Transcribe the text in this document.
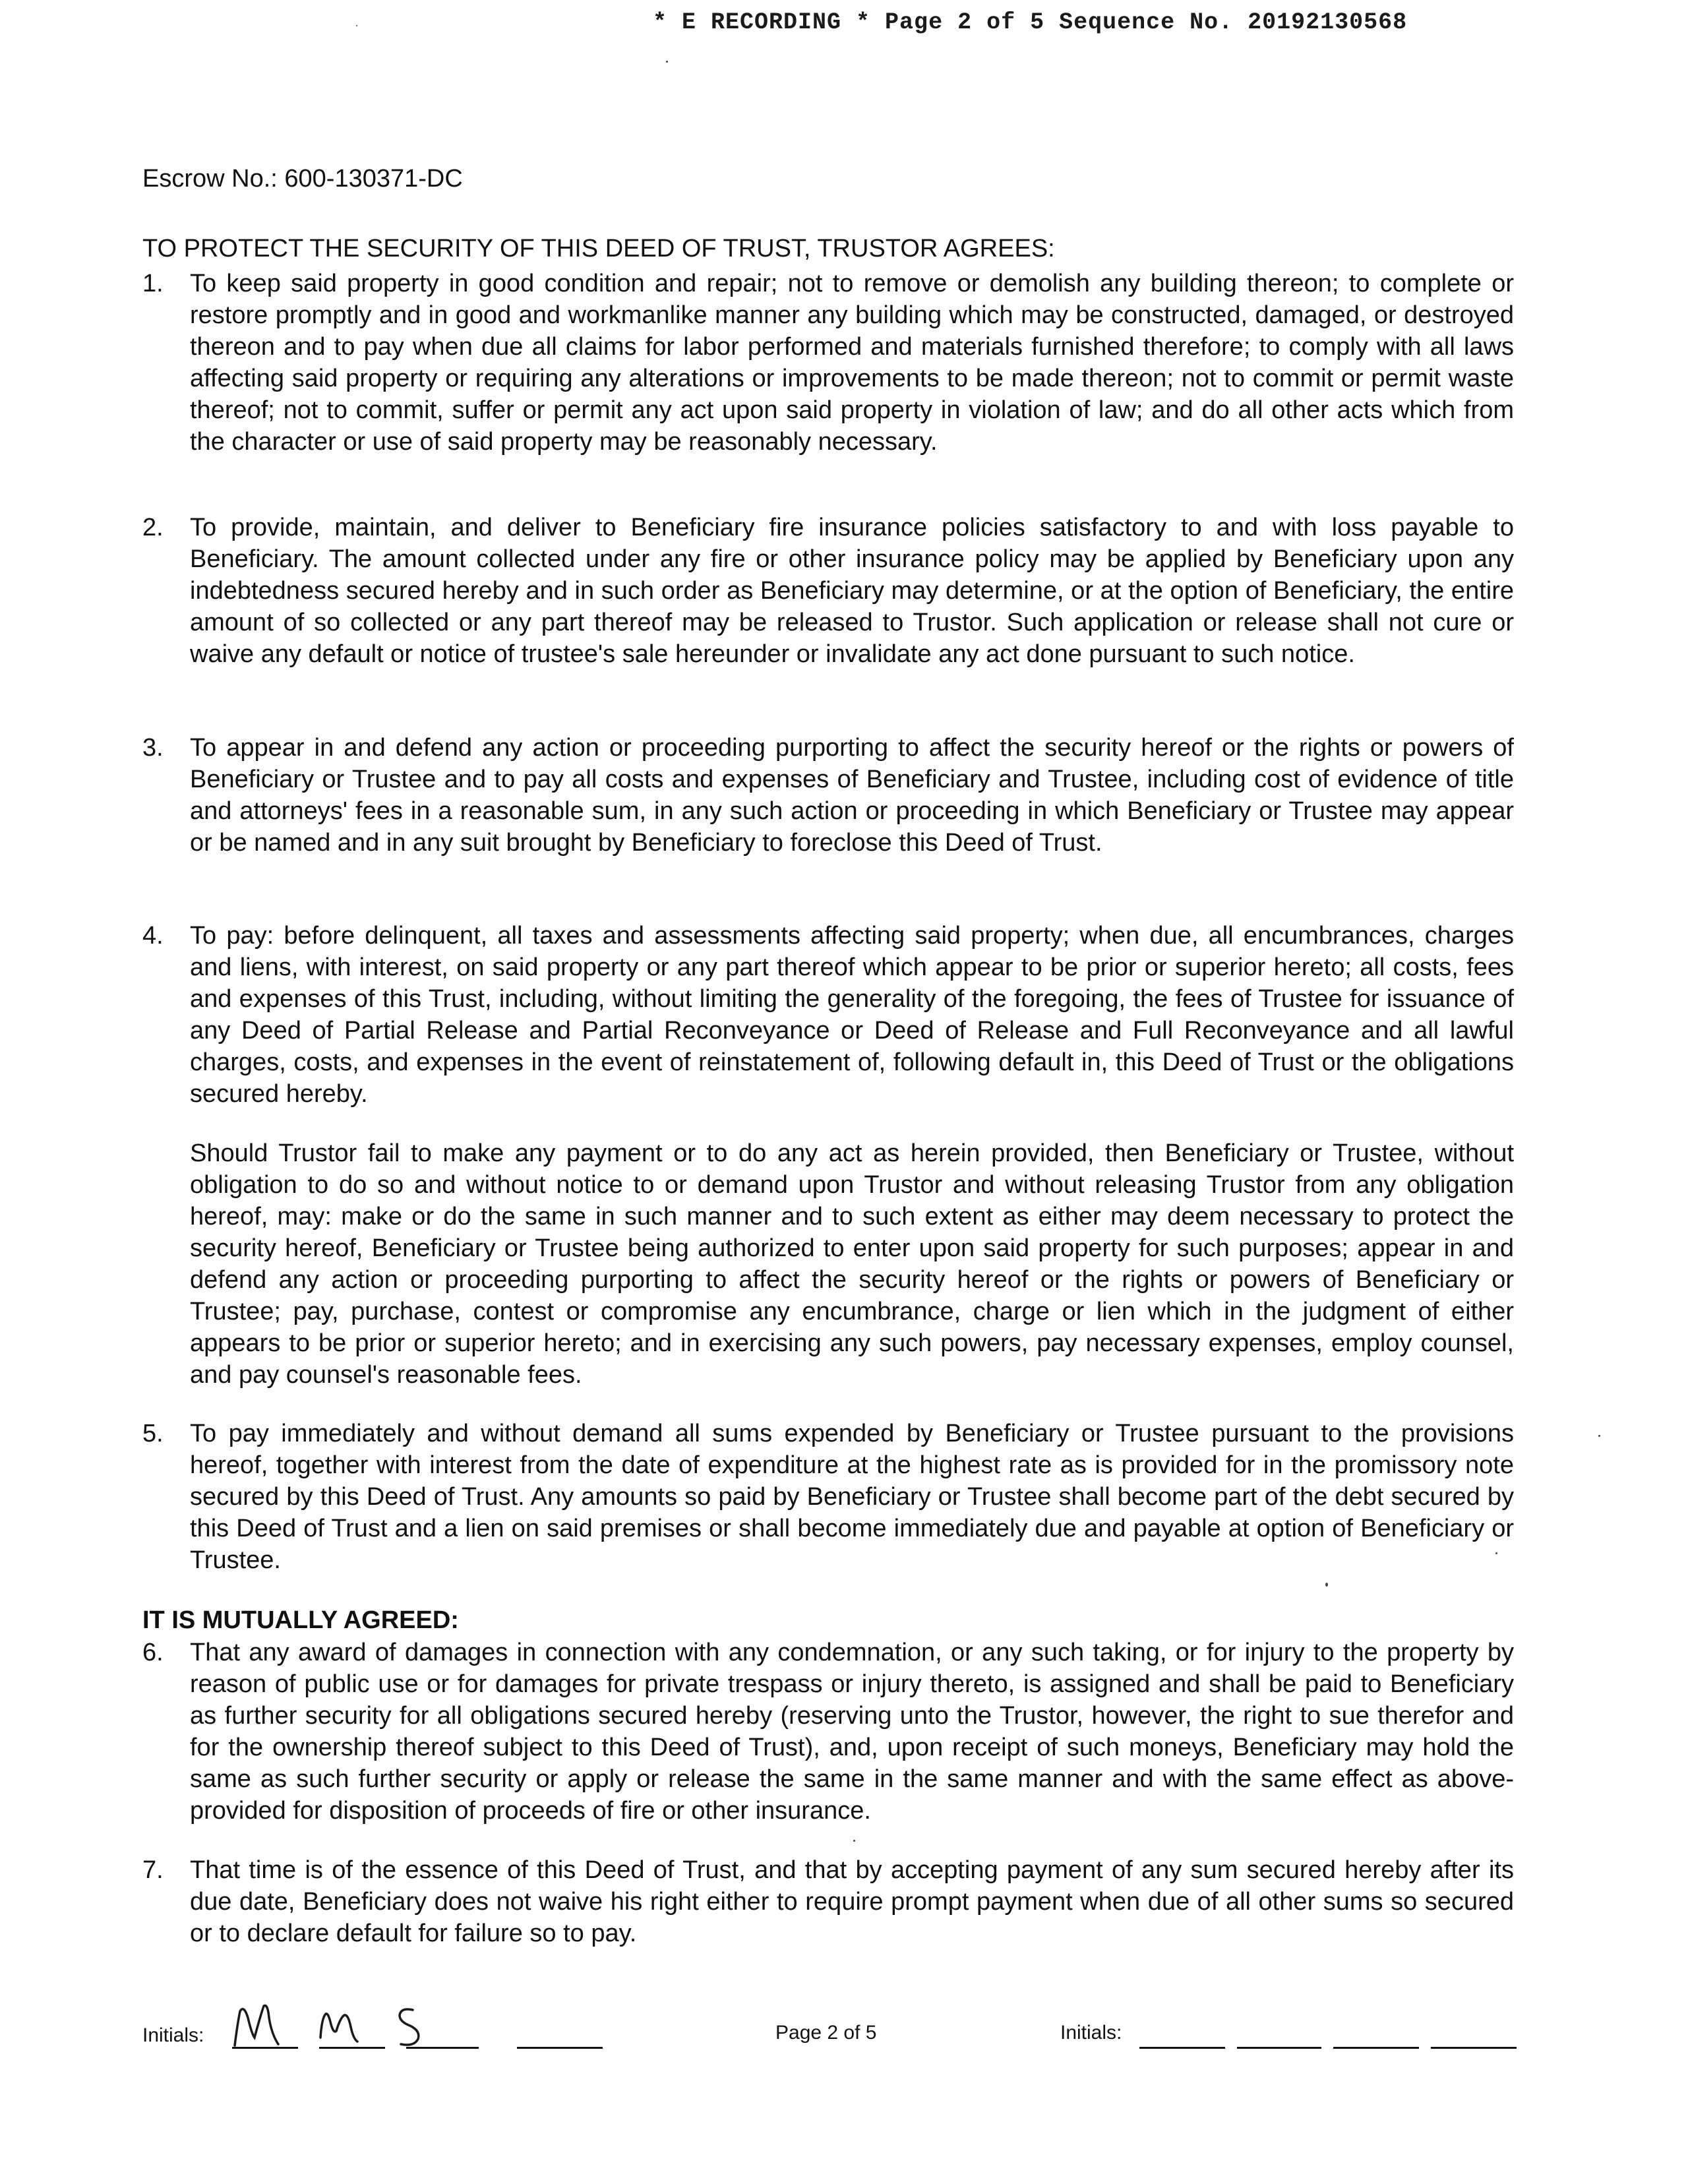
* E RECORDING * Page 2 of 5 Sequence No. 20192130568
Escrow No.: 600-130371-DC
TO PROTECT THE SECURITY OF THIS DEED OF TRUST, TRUSTOR AGREES:
1. To keep said property in good condition and repair; not to remove or demolish any building thereon; to complete or restore promptly and in good and workmanlike manner any building which may be constructed, damaged, or destroyed thereon and to pay when due all claims for labor performed and materials furnished therefore; to comply with all laws affecting said property or requiring any alterations or improvements to be made thereon; not to commit or permit waste thereof; not to commit, suffer or permit any act upon said property in violation of law; and do all other acts which from the character or use of said property may be reasonably necessary.
2. To provide, maintain, and deliver to Beneficiary fire insurance policies satisfactory to and with loss payable to Beneficiary. The amount collected under any fire or other insurance policy may be applied by Beneficiary upon any indebtedness secured hereby and in such order as Beneficiary may determine, or at the option of Beneficiary, the entire amount of so collected or any part thereof may be released to Trustor. Such application or release shall not cure or waive any default or notice of trustee's sale hereunder or invalidate any act done pursuant to such notice.
3. To appear in and defend any action or proceeding purporting to affect the security hereof or the rights or powers of Beneficiary or Trustee and to pay all costs and expenses of Beneficiary and Trustee, including cost of evidence of title and attorneys' fees in a reasonable sum, in any such action or proceeding in which Beneficiary or Trustee may appear or be named and in any suit brought by Beneficiary to foreclose this Deed of Trust.
4. To pay: before delinquent, all taxes and assessments affecting said property; when due, all encumbrances, charges and liens, with interest, on said property or any part thereof which appear to be prior or superior hereto; all costs, fees and expenses of this Trust, including, without limiting the generality of the foregoing, the fees of Trustee for issuance of any Deed of Partial Release and Partial Reconveyance or Deed of Release and Full Reconveyance and all lawful charges, costs, and expenses in the event of reinstatement of, following default in, this Deed of Trust or the obligations secured hereby.
Should Trustor fail to make any payment or to do any act as herein provided, then Beneficiary or Trustee, without obligation to do so and without notice to or demand upon Trustor and without releasing Trustor from any obligation hereof, may: make or do the same in such manner and to such extent as either may deem necessary to protect the security hereof, Beneficiary or Trustee being authorized to enter upon said property for such purposes; appear in and defend any action or proceeding purporting to affect the security hereof or the rights or powers of Beneficiary or Trustee; pay, purchase, contest or compromise any encumbrance, charge or lien which in the judgment of either appears to be prior or superior hereto; and in exercising any such powers, pay necessary expenses, employ counsel, and pay counsel's reasonable fees.
5. To pay immediately and without demand all sums expended by Beneficiary or Trustee pursuant to the provisions hereof, together with interest from the date of expenditure at the highest rate as is provided for in the promissory note secured by this Deed of Trust. Any amounts so paid by Beneficiary or Trustee shall become part of the debt secured by this Deed of Trust and a lien on said premises or shall become immediately due and payable at option of Beneficiary or Trustee.
IT IS MUTUALLY AGREED:
6. That any award of damages in connection with any condemnation, or any such taking, or for injury to the property by reason of public use or for damages for private trespass or injury thereto, is assigned and shall be paid to Beneficiary as further security for all obligations secured hereby (reserving unto the Trustor, however, the right to sue therefor and for the ownership thereof subject to this Deed of Trust), and, upon receipt of such moneys, Beneficiary may hold the same as such further security or apply or release the same in the same manner and with the same effect as above-provided for disposition of proceeds of fire or other insurance.
7. That time is of the essence of this Deed of Trust, and that by accepting payment of any sum secured hereby after its due date, Beneficiary does not waive his right either to require prompt payment when due of all other sums so secured or to declare default for failure so to pay.
Initials:	Page 2 of 5	Initials:
